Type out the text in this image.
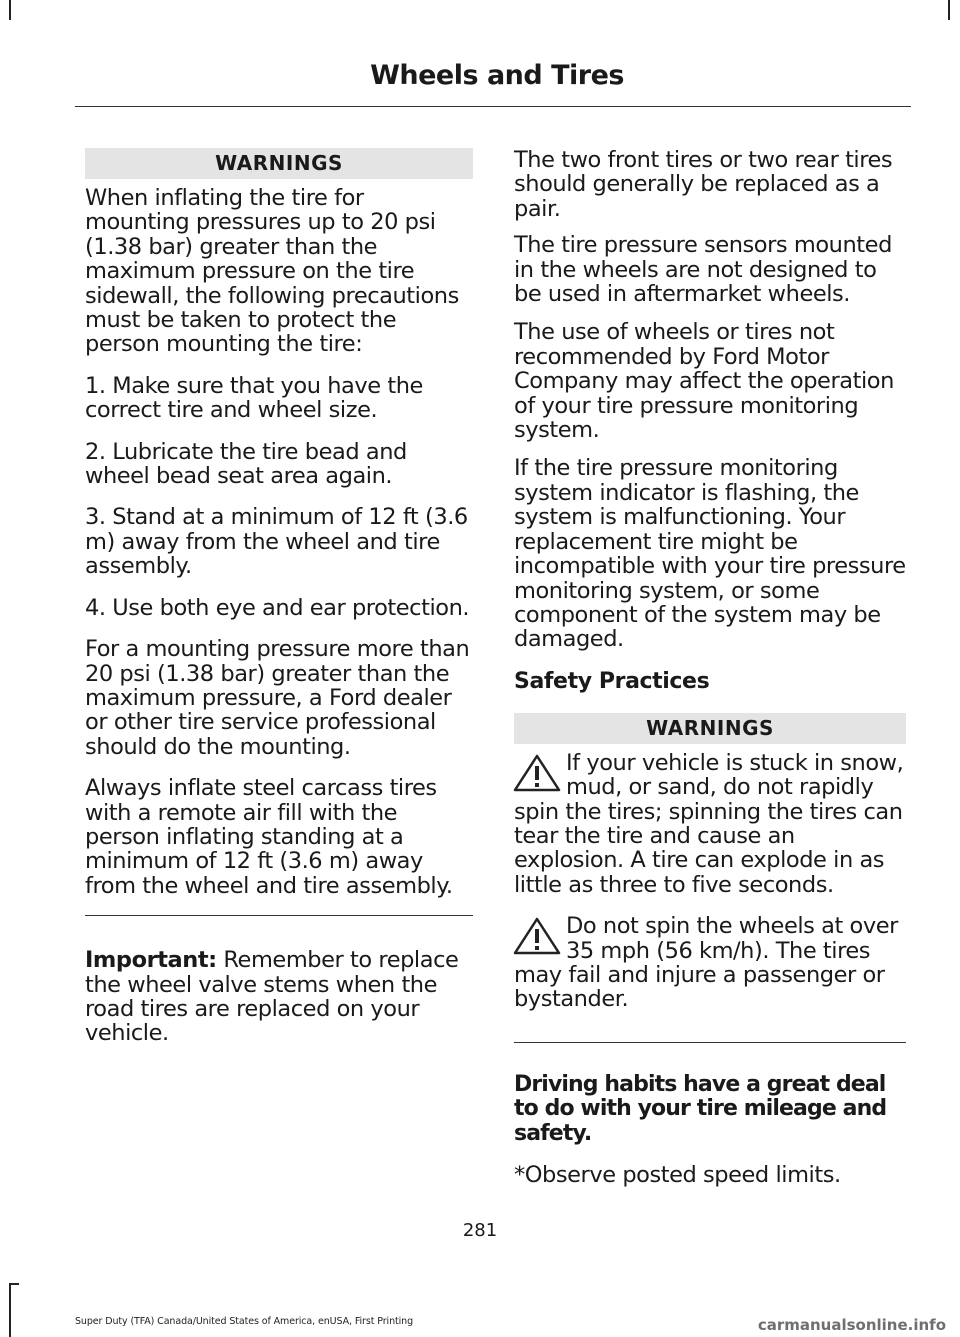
Wheels and Tires
WARNINGS

When inflating the tire for mounting pressures up to 20 psi (1.38 bar) greater than the maximum pressure on the tire sidewall, the following precautions must be taken to protect the person mounting the tire:

1. Make sure that you have the correct tire and wheel size.

2. Lubricate the tire bead and wheel bead seat area again.

3. Stand at a minimum of 12 ft (3.6 m) away from the wheel and tire assembly.

4. Use both eye and ear protection.

For a mounting pressure more than 20 psi (1.38 bar) greater than the maximum pressure, a Ford dealer or other tire service professional should do the mounting.

Always inflate steel carcass tires with a remote air fill with the person inflating standing at a minimum of 12 ft (3.6 m) away from the wheel and tire assembly.

Important: Remember to replace the wheel valve stems when the road tires are replaced on your vehicle.

The two front tires or two rear tires should generally be replaced as a pair.

The tire pressure sensors mounted in the wheels are not designed to be used in aftermarket wheels.

The use of wheels or tires not recommended by Ford Motor Company may affect the operation of your tire pressure monitoring system.

If the tire pressure monitoring system indicator is flashing, the system is malfunctioning. Your replacement tire might be incompatible with your tire pressure monitoring system, or some component of the system may be damaged.

Safety Practices
WARNINGS
If your vehicle is stuck in snow, mud, or sand, do not rapidly spin the tires; spinning the tires can tear the tire and cause an explosion. A tire can explode in as little as three to five seconds.
Do not spin the wheels at over 35 mph (56 km/h). The tires may fail and injure a passenger or bystander.

Driving habits have a great deal to do with your tire mileage and safety.

*Observe posted speed limits.

281
Super Duty (TFA) Canada/United States of America, enUSA, First Printing	carmanualsonline.info
